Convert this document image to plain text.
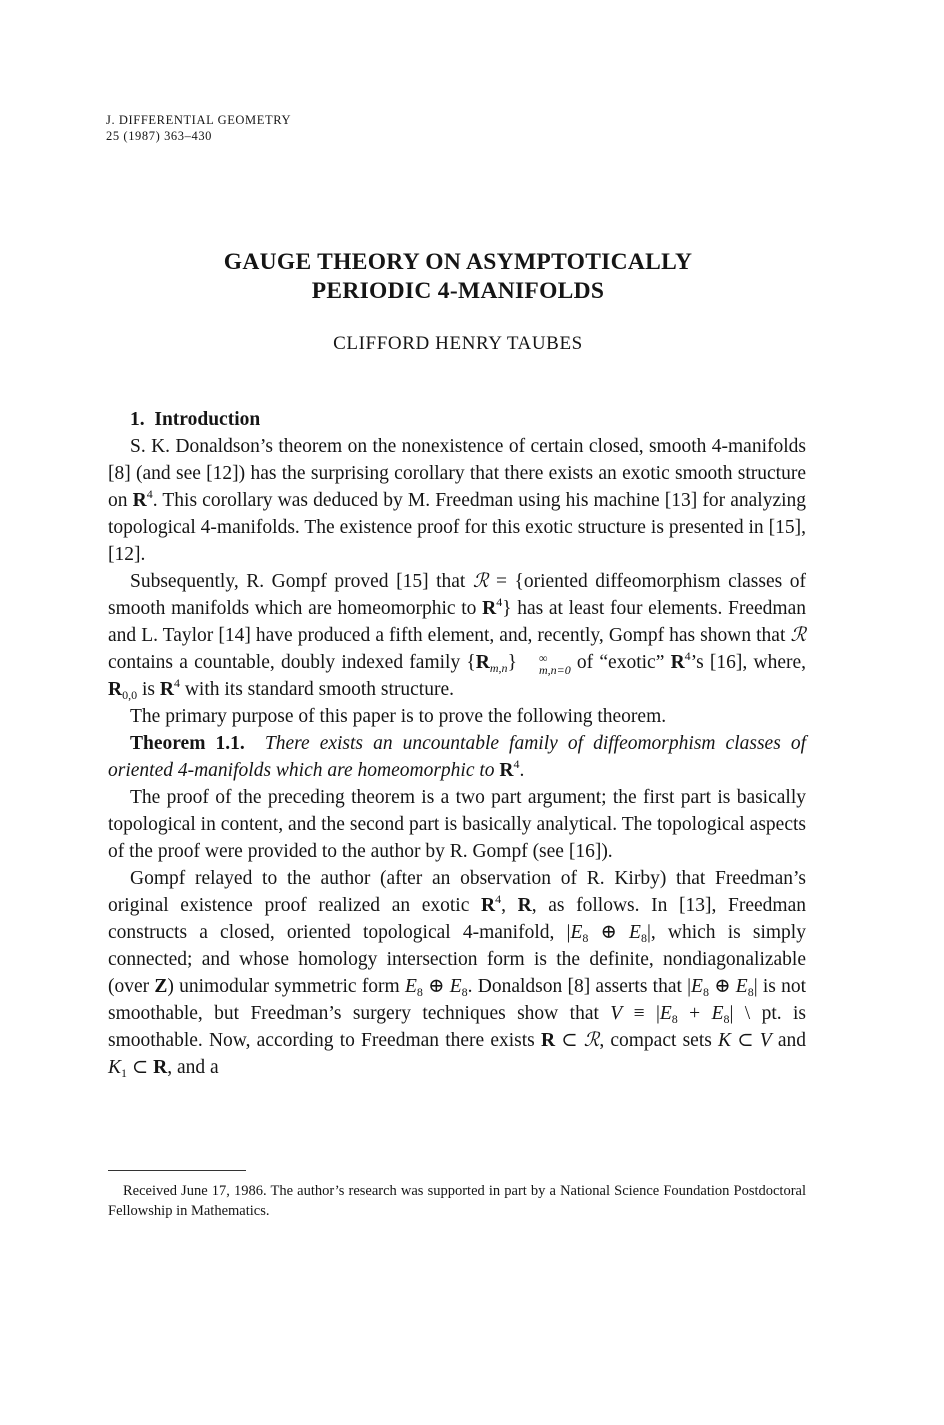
J. DIFFERENTIAL GEOMETRY
25 (1987) 363–430
GAUGE THEORY ON ASYMPTOTICALLY
PERIODIC 4-MANIFOLDS
CLIFFORD HENRY TAUBES

1. Introduction

S. K. Donaldson’s theorem on the nonexistence of certain closed, smooth 4-manifolds [8] (and see [12]) has the surprising corollary that there exists an exotic smooth structure on $R^4$. This corollary was deduced by M. Freedman using his machine [13] for analyzing topological 4-manifolds. The existence proof for this exotic structure is presented in [15], [12].

Subsequently, R. Gompf proved [15] that ℛ = {oriented diffeomorphism classes of smooth manifolds which are homeomorphic to $R^4$} has at least four elements. Freedman and L. Taylor [14] have produced a fifth element, and, recently, Gompf has shown that ℛ contains a countable, doubly indexed family $\{R_{m,n}\}$	∞
m,n=0 of “exotic” $R^4’s$ [16], where, $R_{0,0}$ is $R^4$ with its standard smooth structure.

The primary purpose of this paper is to prove the following theorem.

Theorem 1.1. There exists an uncountable family of diffeomorphism classes of oriented 4-manifolds which are homeomorphic to $R^4$.

The proof of the preceding theorem is a two part argument; the first part is basically topological in content, and the second part is basically analytical. The topological aspects of the proof were provided to the author by R. Gompf (see [16]).

Gompf relayed to the author (after an observation of R. Kirby) that Freedman’s original existence proof realized an exotic $R^4$, R, as follows. In [13], Freedman constructs a closed, oriented topological 4-manifold, $|E_8$ ⊕ $E_8|$, which is simply connected; and whose homology intersection form is the definite, nondiagonalizable (over Z) unimodular symmetric form $E_8$ ⊕ $E_8$. Donaldson [8] asserts that $|E_8$ ⊕ $E_8|$ is not smoothable, but Freedman’s surgery techniques show that $V \equiv |E_8 + E_8|$ \ pt. is smoothable. Now, according to Freedman there exists R ⊂ ℛ, compact sets K ⊂ V and $K_1$ ⊂ R, and a

Received June 17, 1986. The author’s research was supported in part by a National Science Foundation Postdoctoral Fellowship in Mathematics.
